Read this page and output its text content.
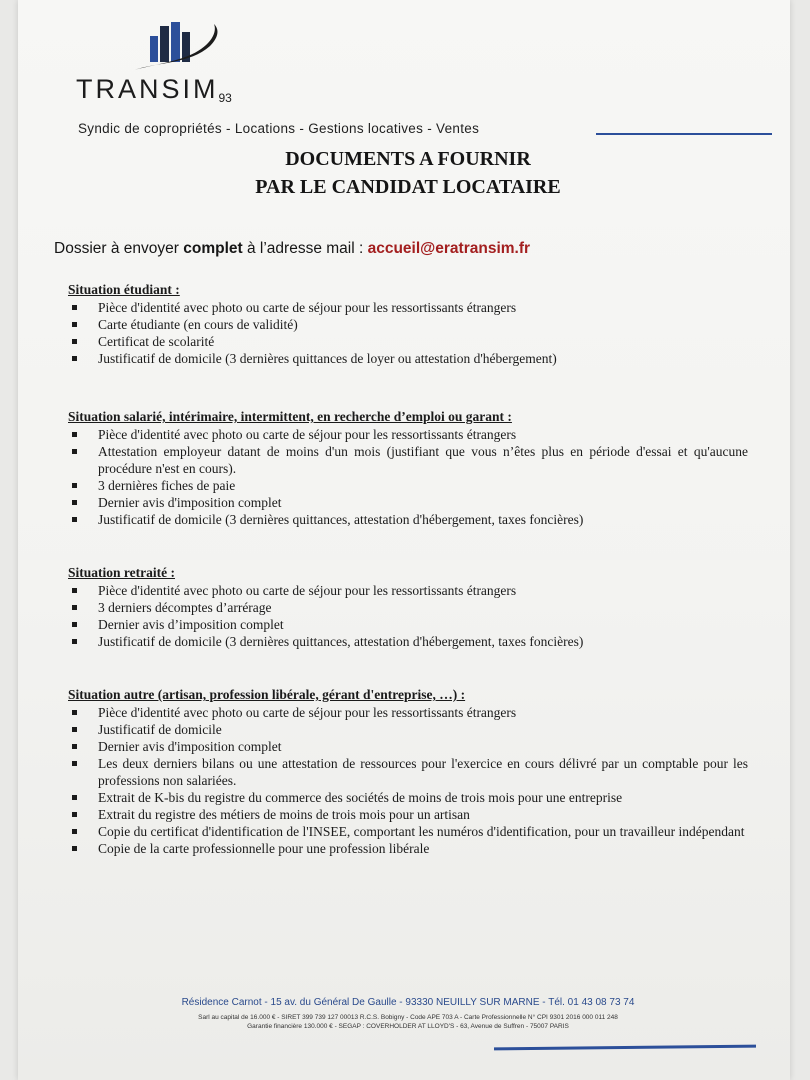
$TRANSIM_{93}$
Syndic de copropriétés - Locations - Gestions locatives - Ventes
DOCUMENTS A FOURNIR
PAR LE CANDIDAT LOCATAIRE
Dossier à envoyer complet à l’adresse mail : accueil@eratransim.fr
Situation étudiant :
Pièce d'identité avec photo ou carte de séjour pour les ressortissants étrangers
Carte étudiante (en cours de validité)
Certificat de scolarité
Justificatif de domicile (3 dernières quittances de loyer ou attestation d'hébergement)
Situation salarié, intérimaire, intermittent, en recherche d’emploi ou garant :
Pièce d'identité avec photo ou carte de séjour pour les ressortissants étrangers
Attestation employeur datant de moins d'un mois (justifiant que vous n’êtes plus en période d'essai et qu'aucune procédure n'est en cours).
3 dernières fiches de paie
Dernier avis d'imposition complet
Justificatif de domicile (3 dernières quittances, attestation d'hébergement, taxes foncières)
Situation retraité :
Pièce d'identité avec photo ou carte de séjour pour les ressortissants étrangers
3 derniers décomptes d’arrérage
Dernier avis d’imposition complet
Justificatif de domicile (3 dernières quittances, attestation d'hébergement, taxes foncières)
Situation autre (artisan, profession libérale, gérant d'entreprise, …) :
Pièce d'identité avec photo ou carte de séjour pour les ressortissants étrangers
Justificatif de domicile
Dernier avis d'imposition complet
Les deux derniers bilans ou une attestation de ressources pour l'exercice en cours délivré par un comptable pour les professions non salariées.
Extrait de K-bis du registre du commerce des sociétés de moins de trois mois pour une entreprise
Extrait du registre des métiers de moins de trois mois pour un artisan
Copie du certificat d'identification de l'INSEE, comportant les numéros d'identification, pour un travailleur indépendant
Copie de la carte professionnelle pour une profession libérale
Résidence Carnot - 15 av. du Général De Gaulle - 93330 NEUILLY SUR MARNE - Tél. 01 43 08 73 74
Sarl au capital de 16.000 € - SIRET 399 739 127 00013 R.C.S. Bobigny - Code APE 703 A - Carte Professionnelle N° CPI 9301 2016 000 011 248
Garantie financière 130.000 € - SEGAP : COVERHOLDER AT LLOYD'S - 63, Avenue de Suffren - 75007 PARIS
